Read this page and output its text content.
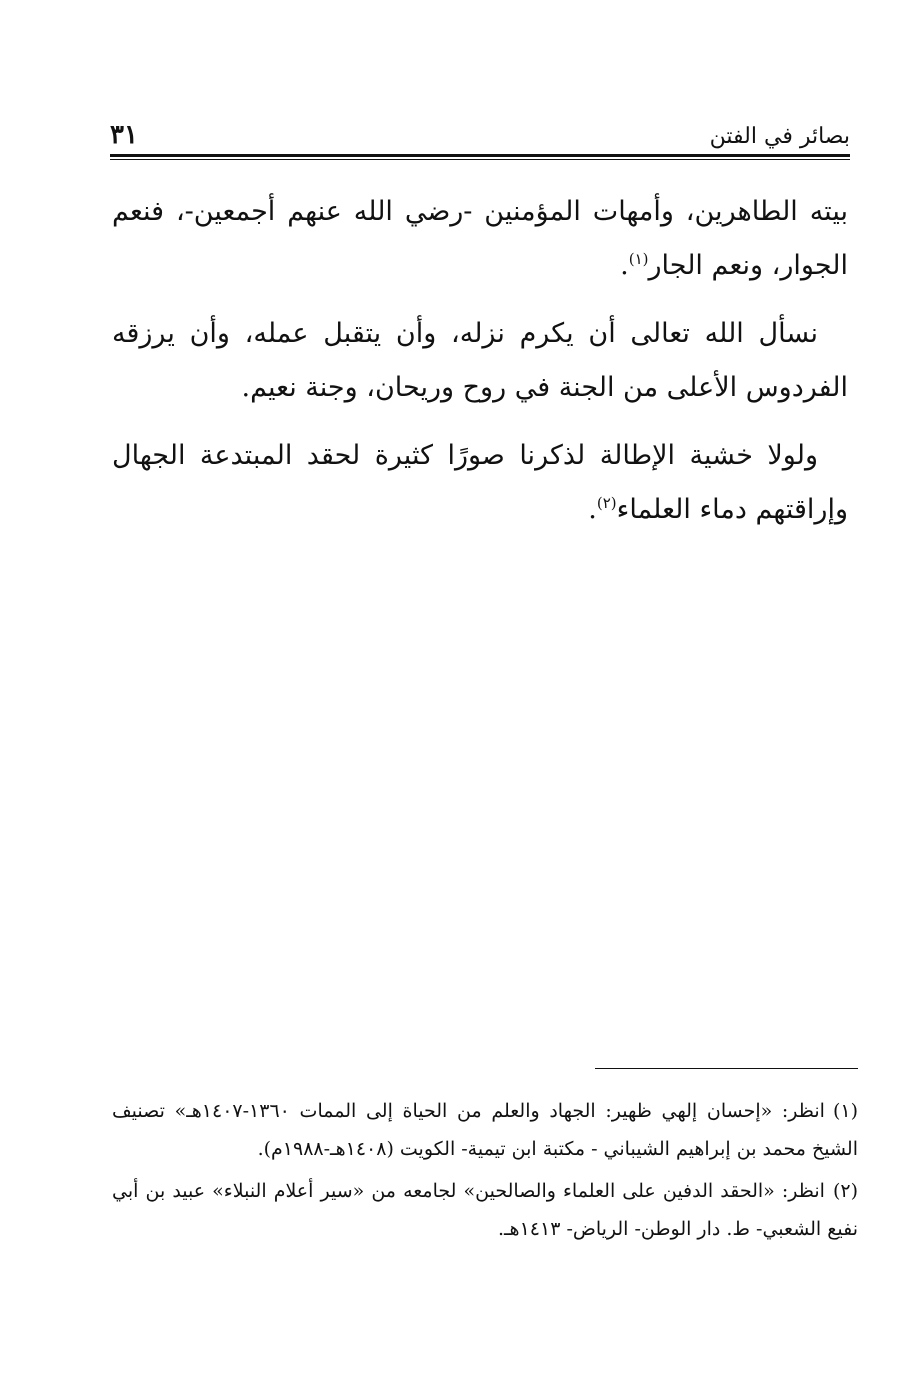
بصائر في الفتن
٣١

بيته الطاهرين، وأمهات المؤمنين -رضي الله عنهم أجمعين-، فنعم الجوار، ونعم الجار$^{(١)}$.

نسأل الله تعالى أن يكرم نزله، وأن يتقبل عمله، وأن يرزقه الفردوس الأعلى من الجنة في روح وريحان، وجنة نعيم.

ولولا خشية الإطالة لذكرنا صورًا كثيرة لحقد المبتدعة الجهال وإراقتهم دماء العلماء$^{(٢)}$.

(١)انظر: «إحسان إلهي ظهير: الجهاد والعلم من الحياة إلى الممات ١٣٦٠-١٤٠٧هـ» تصنيف الشيخ محمد بن إبراهيم الشيباني - مكتبة ابن تيمية- الكويت (١٤٠٨هـ-١٩٨٨م).

(٢)انظر: «الحقد الدفين على العلماء والصالحين» لجامعه من «سير أعلام النبلاء» عبيد بن أبي نفيع الشعبي- ط. دار الوطن- الرياض- ١٤١٣هـ.
